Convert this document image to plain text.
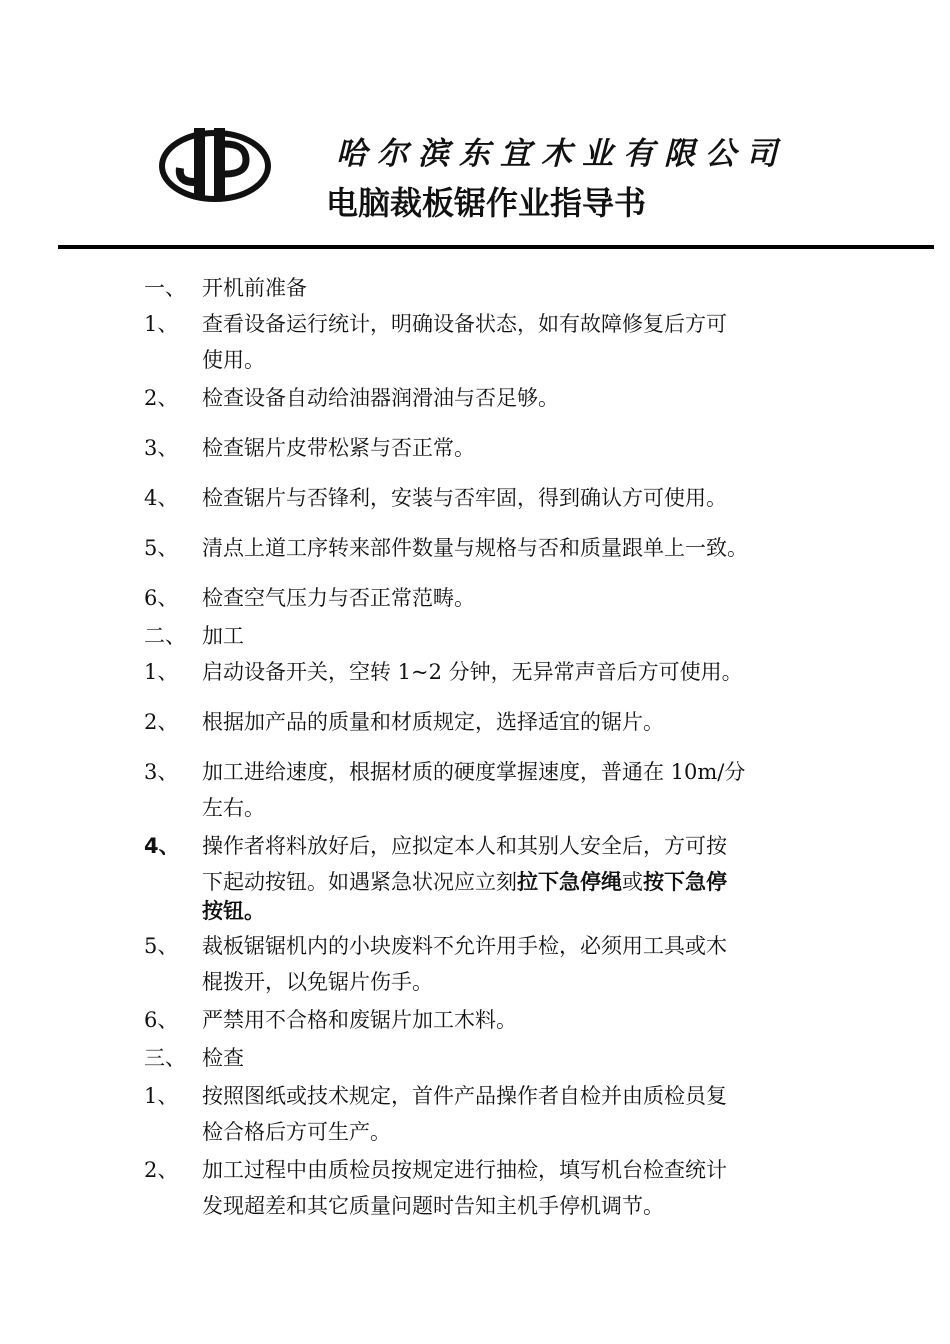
哈尔滨东宜木业有限公司
电脑裁板锯作业指导书
一、 开机前准备
1、 查看设备运行统计，明确设备状态，如有故障修复后方可
使用。
2、 检查设备自动给油器润滑油与否足够。
3、 检查锯片皮带松紧与否正常。
4、 检查锯片与否锋利，安装与否牢固，得到确认方可使用。
5、 清点上道工序转来部件数量与规格与否和质量跟单上一致。
6、 检查空气压力与否正常范畴。
二、 加工
1、 启动设备开关，空转 1~2 分钟，无异常声音后方可使用。
2、 根据加产品的质量和材质规定，选择适宜的锯片。
3、 加工进给速度，根据材质的硬度掌握速度，普通在 10m/分
左右。
4、 操作者将料放好后，应拟定本人和其别人安全后，方可按
下起动按钮。如遇紧急状况应立刻拉下急停绳或按下急停
按钮。
5、 裁板锯锯机内的小块废料不允许用手检，必须用工具或木
棍拨开，以免锯片伤手。
6、 严禁用不合格和废锯片加工木料。
三、 检查
1、 按照图纸或技术规定，首件产品操作者自检并由质检员复
检合格后方可生产。
2、 加工过程中由质检员按规定进行抽检，填写机台检查统计
发现超差和其它质量问题时告知主机手停机调节。
